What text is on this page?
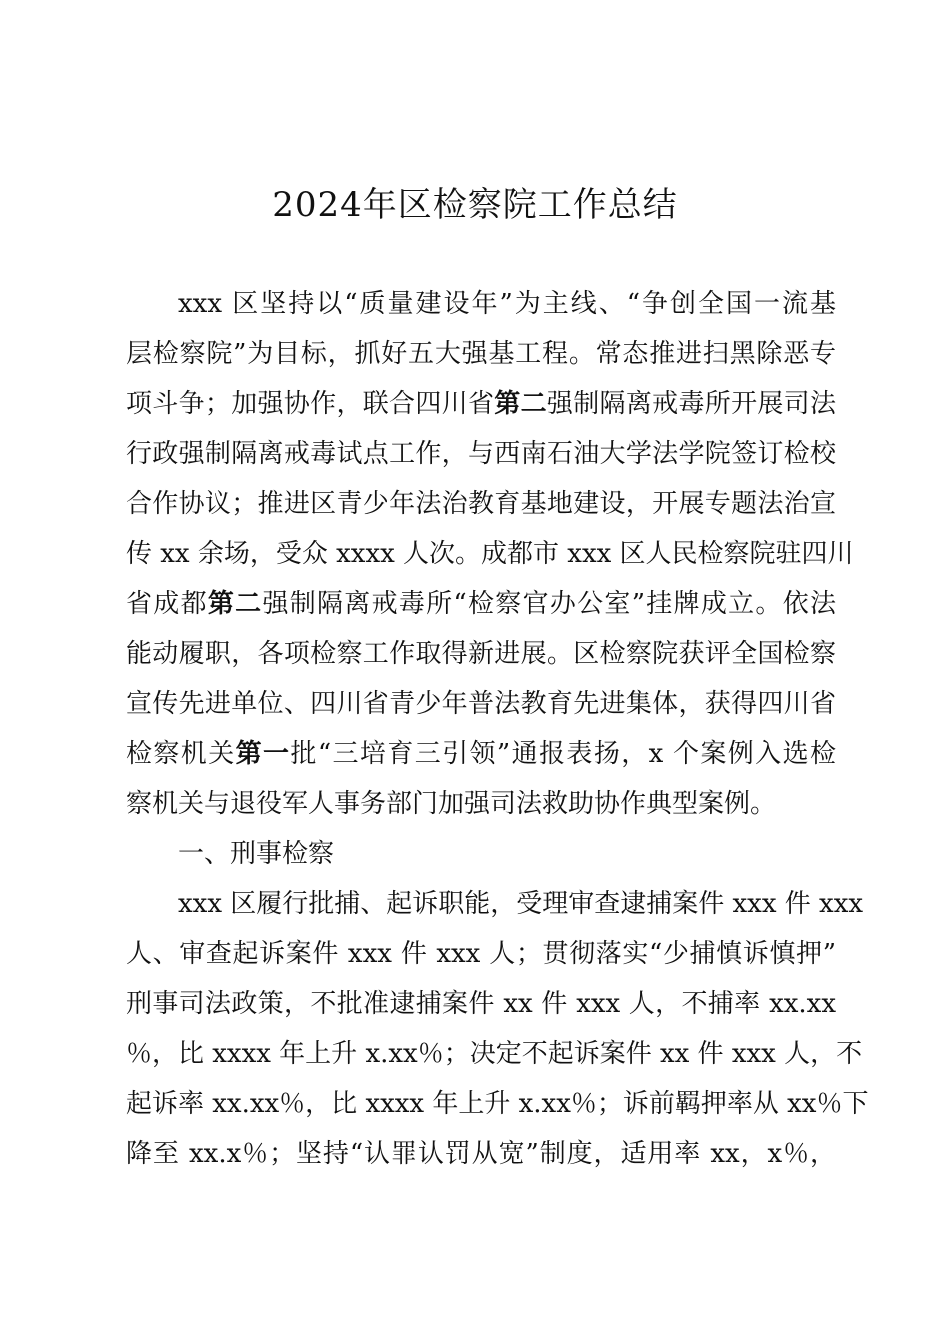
2024年区检察院工作总结
xxx 区坚持以“质量建设年”为主线、“争创全国一流基
层检察院”为目标，抓好五大强基工程。常态推进扫黑除恶专
项斗争；加强协作，联合四川省第二强制隔离戒毒所开展司法
行政强制隔离戒毒试点工作，与西南石油大学法学院签订检校
合作协议；推进区青少年法治教育基地建设，开展专题法治宣
传 xx 余场，受众 xxxx 人次。成都市 xxx 区人民检察院驻四川
省成都第二强制隔离戒毒所“检察官办公室”挂牌成立。依法
能动履职，各项检察工作取得新进展。区检察院获评全国检察
宣传先进单位、四川省青少年普法教育先进集体，获得四川省
检察机关第一批“三培育三引领”通报表扬，x 个案例入选检
察机关与退役军人事务部门加强司法救助协作典型案例。
一、刑事检察
xxx 区履行批捕、起诉职能，受理审查逮捕案件 xxx 件 xxx
人、审查起诉案件 xxx 件 xxx 人；贯彻落实“少捕慎诉慎押”
刑事司法政策，不批准逮捕案件 xx 件 xxx 人，不捕率 xx.xx
％，比 xxxx 年上升 x.xx％；决定不起诉案件 xx 件 xxx 人，不
起诉率 xx.xx％，比 xxxx 年上升 x.xx％；诉前羁押率从 xx％下
降至 xx.x％；坚持“认罪认罚从宽”制度，适用率 xx，x％，
